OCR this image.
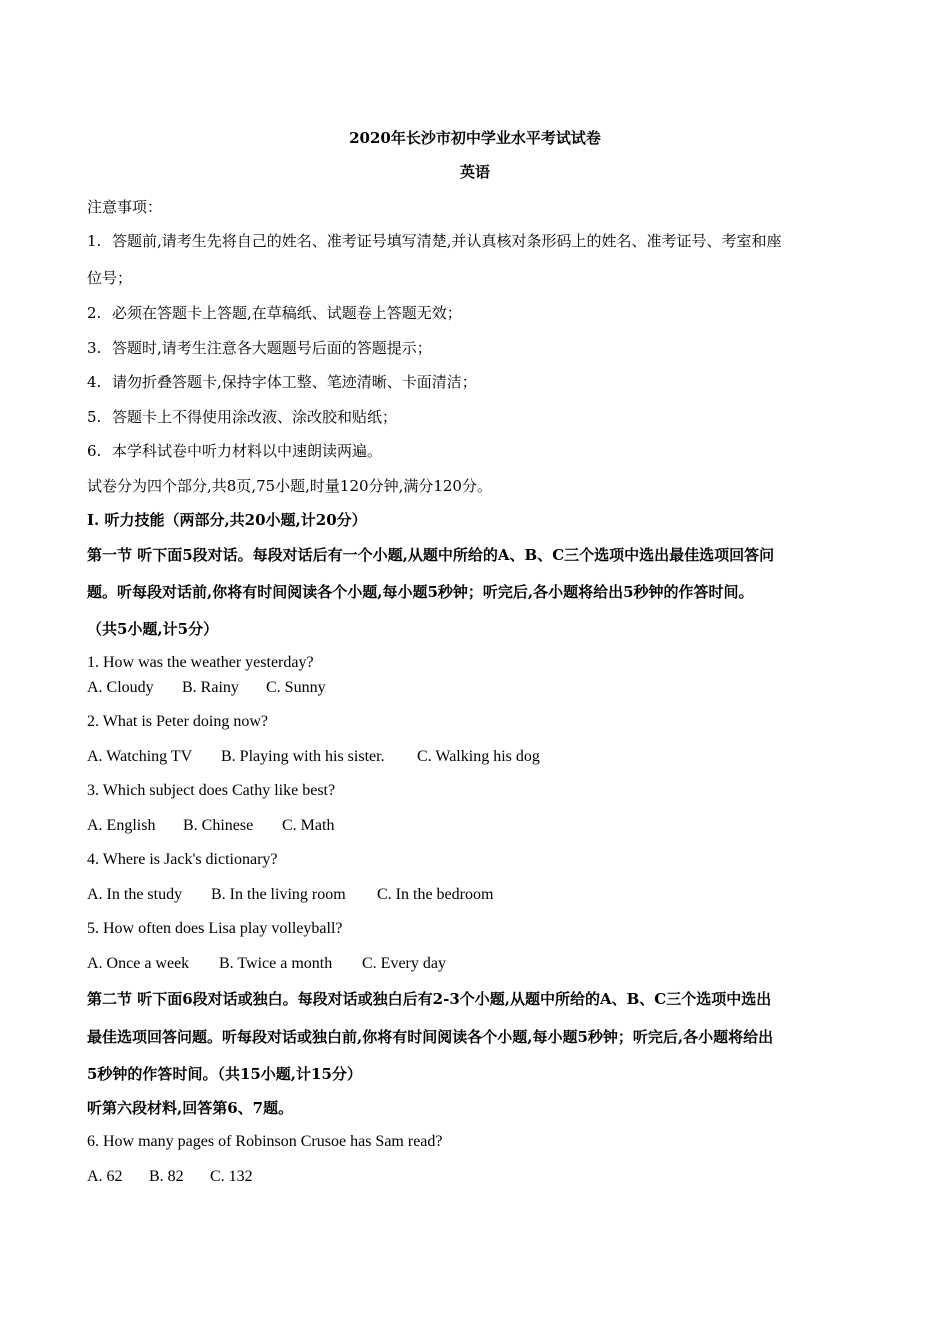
2020年长沙市初中学业水平考试试卷
英语
注意事项：
1. 答题前,请考生先将自己的姓名、准考证号填写清楚,并认真核对条形码上的姓名、准考证号、考室和座
位号；
2. 必须在答题卡上答题,在草稿纸、试题卷上答题无效；
3. 答题时,请考生注意各大题题号后面的答题提示；
4. 请勿折叠答题卡,保持字体工整、笔迹清晰、卡面清洁；
5. 答题卡上不得使用涂改液、涂改胶和贴纸；
6. 本学科试卷中听力材料以中速朗读两遍。
试卷分为四个部分,共8页,75小题,时量120分钟,满分120分。
I. 听力技能（两部分,共20小题,计20分）
第一节 听下面5段对话。每段对话后有一个小题,从题中所给的A、B、C三个选项中选出最佳选项回答问
题。听每段对话前,你将有时间阅读各个小题,每小题5秒钟；听完后,各小题将给出5秒钟的作答时间。
（共5小题,计5分）
1. How was the weather yesterday?
A. Cloudy B. Rainy C. Sunny
2. What is Peter doing now?
A. Watching TV B. Playing with his sister. C. Walking his dog
3. Which subject does Cathy like best?
A. English B. Chinese C. Math
4. Where is Jack's dictionary?
A. In the study B. In the living room C. In the bedroom
5. How often does Lisa play volleyball?
A. Once a week B. Twice a month C. Every day
第二节 听下面6段对话或独白。每段对话或独白后有2-3个小题,从题中所给的A、B、C三个选项中选出
最佳选项回答问题。听每段对话或独白前,你将有时间阅读各个小题,每小题5秒钟；听完后,各小题将给出
5秒钟的作答时间。（共15小题,计15分）
听第六段材料,回答第6、7题。
6. How many pages of Robinson Crusoe has Sam read?
A. 62 B. 82 C. 132
